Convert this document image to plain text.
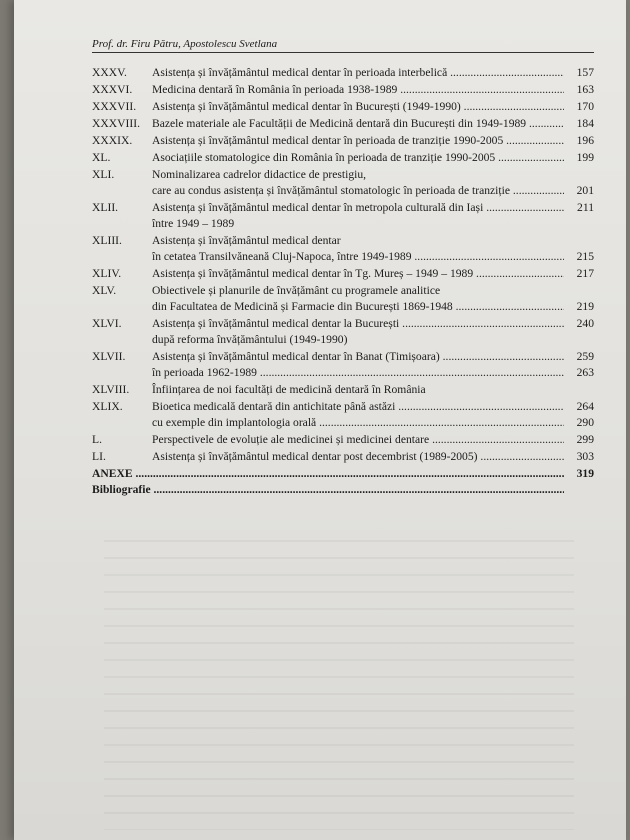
Prof. dr. Firu Pătru, Apostolescu Svetlana
XXXV.	Asistența și învățământul medical dentar în perioada interbelică .....	157
XXXVI.	Medicina dentară în România în perioada 1938-1989 .....	163
XXXVII.	Asistența și învățământul medical dentar în București (1949-1990) .....	170
XXXVIII.	Bazele materiale ale Facultății de Medicină dentară din București din 1949-1989 .....	184
XXXIX.	Asistența și învățământul medical dentar în perioada de tranziție 1990-2005 .....	196
XL.	Asociațiile stomatologice din România în perioada de tranziție 1990-2005 .....	199
XLI.	Nominalizarea cadrelor didactice de prestigiu,
care au condus asistența și învățământul stomatologic în perioada de tranziție .....	201
XLII.	Asistența și învățământul medical dentar în metropola culturală din Iași .....	211
între 1949 – 1989
XLIII.	Asistența și învățământul medical dentar
în cetatea Transilvăneană Cluj-Napoca, între 1949-1989 .....	215
XLIV.	Asistența și învățământul medical dentar în Tg. Mureș – 1949 – 1989 .....	217
XLV.	Obiectivele și planurile de învățământ cu programele analitice
din Facultatea de Medicină și Farmacie din București 1869-1948 .....	219
XLVI.	Asistența și învățământul medical dentar la București .....	240
după reforma învățământului (1949-1990)
XLVII.	Asistența și învățământul medical dentar în Banat (Timișoara) .....	259
în perioada 1962-1989 .....	263
XLVIII.	Înființarea de noi facultăți de medicină dentară în România
XLIX.	Bioetica medicală dentară din antichitate până astăzi .....	264
cu exemple din implantologia orală .....	290
L.	Perspectivele de evoluție ale medicinei și medicinei dentare .....	299
LI.	Asistența și învățământul medical dentar post decembrist (1989-2005) .....	303
ANEXE .....	319
Bibliografie .....
